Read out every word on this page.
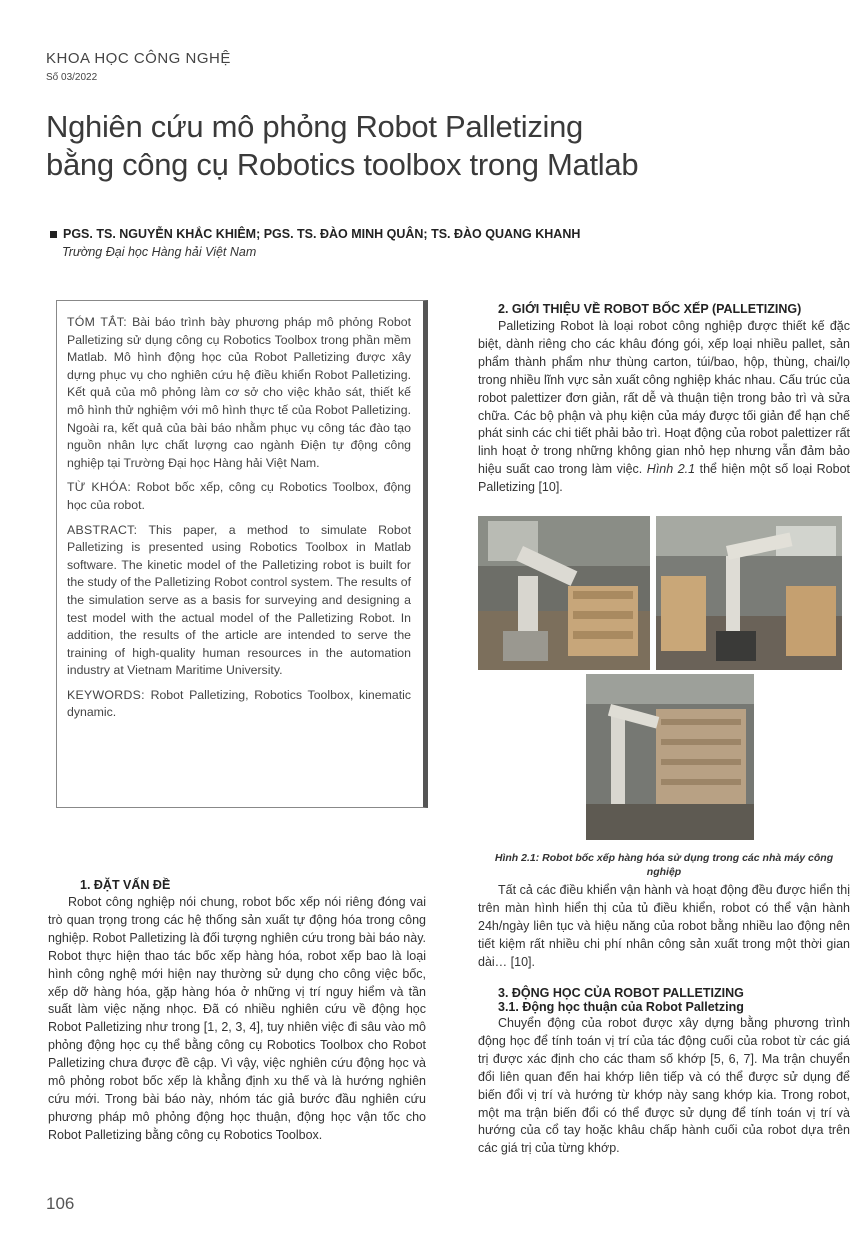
KHOA HỌC CÔNG NGHỆ
Số 03/2022
Nghiên cứu mô phỏng Robot Palletizing
bằng công cụ Robotics toolbox trong Matlab
PGS. TS. NGUYỄN KHẮC KHIÊM; PGS. TS. ĐÀO MINH QUÂN; TS. ĐÀO QUANG KHANH
Trường Đại học Hàng hải Việt Nam

TÓM TẮT: Bài báo trình bày phương pháp mô phỏng Robot Palletizing sử dụng công cụ Robotics Toolbox trong phần mềm Matlab. Mô hình động học của Robot Palletizing được xây dựng phục vụ cho nghiên cứu hệ điều khiển Robot Palletizing. Kết quả của mô phỏng làm cơ sở cho việc khảo sát, thiết kế mô hình thử nghiệm với mô hình thực tế của Robot Palletizing. Ngoài ra, kết quả của bài báo nhằm phục vụ công tác đào tạo nguồn nhân lực chất lượng cao ngành Điện tự động công nghiệp tại Trường Đại học Hàng hải Việt Nam.

TỪ KHÓA: Robot bốc xếp, công cụ Robotics Toolbox, động học của robot.

ABSTRACT: This paper, a method to simulate Robot Palletizing is presented using Robotics Toolbox in Matlab software. The kinetic model of the Palletizing robot is built for the study of the Palletizing Robot control system. The results of the simulation serve as a basis for surveying and designing a test model with the actual model of the Palletizing Robot. In addition, the results of the article are intended to serve the training of high-quality human resources in the automation industry at Vietnam Maritime University.

KEYWORDS: Robot Palletizing, Robotics Toolbox, kinematic dynamic.

1. ĐẶT VẤN ĐỀ

Robot công nghiệp nói chung, robot bốc xếp nói riêng đóng vai trò quan trọng trong các hệ thống sản xuất tự động hóa trong công nghiệp. Robot Palletizing là đối tượng nghiên cứu trong bài báo này. Robot thực hiện thao tác bốc xếp hàng hóa, robot xếp bao là loại hình công nghệ mới hiện nay thường sử dụng cho công việc bốc, xếp dỡ hàng hóa, gặp hàng hóa ở những vị trí nguy hiểm và tần suất làm việc nặng nhọc. Đã có nhiều nghiên cứu về động học Robot Palletizing như trong [1, 2, 3, 4], tuy nhiên việc đi sâu vào mô phỏng động học cụ thể bằng công cụ Robotics Toolbox cho Robot Palletizing chưa được đề cập. Vì vậy, việc nghiên cứu động học và mô phỏng robot bốc xếp là khẳng định xu thế và là hướng nghiên cứu mới. Trong bài báo này, nhóm tác giả bước đầu nghiên cứu phương pháp mô phỏng động học thuận, động học vận tốc cho Robot Palletizing bằng công cụ Robotics Toolbox.

2. GIỚI THIỆU VỀ ROBOT BỐC XẾP (PALLETIZING)

Palletizing Robot là loại robot công nghiệp được thiết kế đặc biệt, dành riêng cho các khâu đóng gói, xếp loại nhiều pallet, sản phẩm thành phẩm như thùng carton, túi/bao, hộp, thùng, chai/lọ trong nhiều lĩnh vực sản xuất công nghiệp khác nhau. Cấu trúc của robot palettizer đơn giản, rất dễ và thuận tiện trong bảo trì và sửa chữa. Các bộ phận và phụ kiện của máy được tối giản để hạn chế phát sinh các chi tiết phải bảo trì. Hoạt động của robot palettizer rất linh hoạt ở trong những không gian nhỏ hẹp nhưng vẫn đảm bảo hiệu suất cao trong làm việc. Hình 2.1 thể hiện một số loại Robot Palletizing [10].

Hình 2.1: Robot bốc xếp hàng hóa sử dụng trong các nhà máy công nghiệp

Tất cả các điều khiển vận hành và hoạt động đều được hiển thị trên màn hình hiển thị của tủ điều khiển, robot có thể vận hành 24h/ngày liên tục và hiệu năng của robot bằng nhiều lao động nên tiết kiệm rất nhiều chi phí nhân công sản xuất trong một thời gian dài… [10].

3. ĐỘNG HỌC CỦA ROBOT PALLETIZING
3.1. Động học thuận của Robot Palletzing

Chuyển động của robot được xây dựng bằng phương trình động học để tính toán vị trí của tác động cuối của robot từ các giá trị được xác định cho các tham số khớp [5, 6, 7]. Ma trận chuyển đổi liên quan đến hai khớp liên tiếp và có thể được sử dụng để biến đổi vị trí và hướng từ khớp này sang khớp kia. Trong robot, một ma trận biến đổi có thể được sử dụng để tính toán vị trí và hướng của cổ tay hoặc khâu chấp hành cuối của robot dựa trên các giá trị của từng khớp.

106
